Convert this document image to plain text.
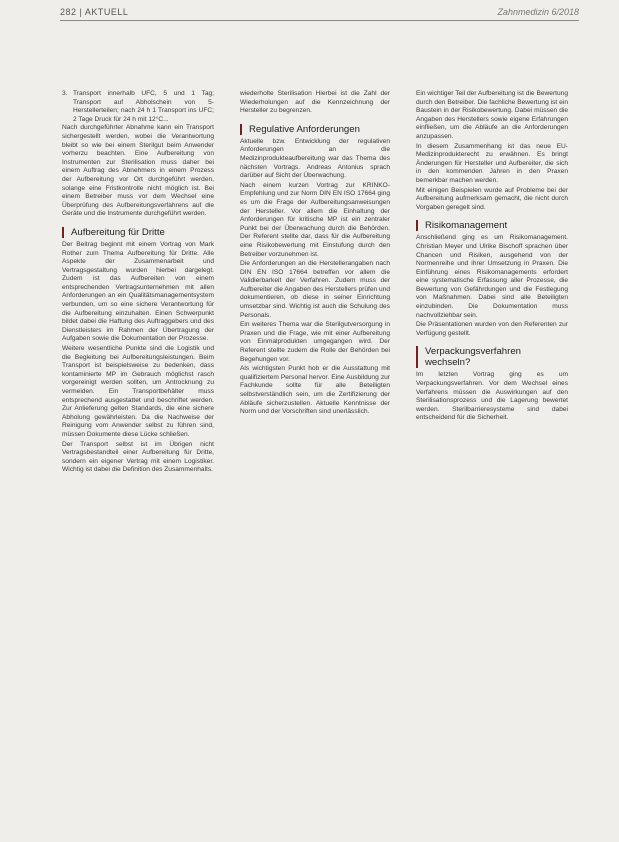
282 | AKTUELL	Zahnmedizin 6/2018
3. Transport innerhalb UFC, 5 und 1 Tag; Transport auf Abholschein von 5-Herstellerteilen; nach 24 h 1 Transport ins UFC; 2 Tage Druck für 24 h mit 12°C...

Nach durchgeführter Abnahme kann ein Transport sichergestellt werden, wobei die Verantwortung bleibt so wie bei einem Sterilgut beim Anwender vorherzu beachten. Eine Aufbereitung von Instrumenten zur Sterilisation muss daher bei einem Auftrag des Abnehmers in einem Prozess der Aufbereitung vor Ort durchgeführt werden, solange eine Fristkontrolle nicht möglich ist. Bei einem Betreiber muss vor dem Wechsel eine Überprüfung des Aufbereitungsverfahrens auf die Geräte und die Instrumente durchgeführt werden.

Aufbereitung für Dritte

Der Beitrag beginnt mit einem Vortrag von Mark Rother zum Thema Aufbereitung für Dritte. Alle Aspekte der Zusammenarbeit und Vertragsgestaltung wurden hierbei dargelegt. Zudem ist das Aufbereiten von einem entsprechenden Vertragsunternehmen mit allen Anforderungen an ein Qualitätsmanagementsystem verbunden, um so eine sichere Verantwortung für die Aufbereitung einzuhalten. Einen Schwerpunkt bildet dabei die Haftung des Auftraggebers und des Dienstleisters im Rahmen der Übertragung der Aufgaben sowie die Dokumentation der Prozesse.

Weitere wesentliche Punkte sind die Logistik und die Begleitung bei Aufbereitungsleistungen. Beim Transport ist beispielsweise zu bedenken, dass kontaminierte MP im Gebrauch möglichst rasch vorgereinigt werden sollten, um Antrocknung zu vermeiden. Ein Transportbehälter muss entsprechend ausgestattet und beschriftet werden. Zur Anlieferung gelten Standards, die eine sichere Abholung gewährleisten. Da die Nachweise der Reinigung vom Anwender selbst zu führen sind, müssen Dokumente diese Lücke schließen.

Der Transport selbst ist im Übrigen nicht Vertragsbestandteil einer Aufbereitung für Dritte, sondern ein eigener Vertrag mit einem Logistiker. Wichtig ist dabei die Definition des Zusammenhalts.

wiederholte Sterilisation Hierbei ist die Zahl der Wiederholungen auf die Kennzeichnung der Hersteller zu begrenzen.

Regulative Anforderungen

Aktuelle bzw. Entwicklung der regulativen Anforderungen an die Medizinprodukteaufbereitung war das Thema des nächsten Vortrags. Andreas Antonius sprach darüber auf Sicht der Überwachung.

Nach einem kurzen Vortrag zur KRINKO-Empfehlung und zur Norm DIN EN ISO 17664 ging es um die Frage der Aufbereitungsanweisungen der Hersteller. Vor allem die Einhaltung der Anforderungen für kritische MP ist ein zentraler Punkt bei der Überwachung durch die Behörden. Der Referent stellte dar, dass für die Aufbereitung eine Risikobewertung mit Einstufung durch den Betreiber vorzunehmen ist.

Die Anforderungen an die Herstellerangaben nach DIN EN ISO 17664 betreffen vor allem die Validierbarkeit der Verfahren. Zudem muss der Aufbereiter die Angaben des Herstellers prüfen und dokumentieren, ob diese in seiner Einrichtung umsetzbar sind. Wichtig ist auch die Schulung des Personals.

Ein weiteres Thema war die Sterilgutversorgung in Praxen und die Frage, wie mit einer Aufbereitung von Einmalprodukten umgegangen wird. Der Referent stellte zudem die Rolle der Behörden bei Begehungen vor.

Als wichtigsten Punkt hob er die Ausstattung mit qualifiziertem Personal hervor. Eine Ausbildung zur Fachkunde sollte für alle Beteiligten selbstverständlich sein, um die Zertifizierung der Abläufe sicherzustellen. Aktuelle Kenntnisse der Norm und der Vorschriften sind unerlässlich.

Ein wichtiger Teil der Aufbereitung ist die Bewertung durch den Betreiber. Die fachliche Bewertung ist ein Baustein in der Risikobewertung. Dabei müssen die Angaben des Herstellers sowie eigene Erfahrungen einfließen, um die Abläufe an die Anforderungen anzupassen.

In diesem Zusammenhang ist das neue EU-Medizinprodukterecht zu erwähnen. Es bringt Änderungen für Hersteller und Aufbereiter, die sich in den kommenden Jahren in den Praxen bemerkbar machen werden.

Mit einigen Beispielen wurde auf Probleme bei der Aufbereitung aufmerksam gemacht, die nicht durch Vorgaben geregelt sind.

Risikomanagement

Anschließend ging es um Risikomanagement. Christian Meyer und Ulrike Bischoff sprachen über Chancen und Risiken, ausgehend von der Normenreihe und ihrer Umsetzung in Praxen. Die Einführung eines Risikomanagements erfordert eine systematische Erfassung aller Prozesse, die Bewertung von Gefährdungen und die Festlegung von Maßnahmen. Dabei sind alle Beteiligten einzubinden. Die Dokumentation muss nachvollziehbar sein.

Die Präsentationen wurden von den Referenten zur Verfügung gestellt.

Verpackungsverfahren wechseln?

Im letzten Vortrag ging es um Verpackungsverfahren. Vor dem Wechsel eines Verfahrens müssen die Auswirkungen auf den Sterilisationsprozess und die Lagerung bewertet werden. Sterilbarrieresysteme sind dabei entscheidend für die Sicherheit.
